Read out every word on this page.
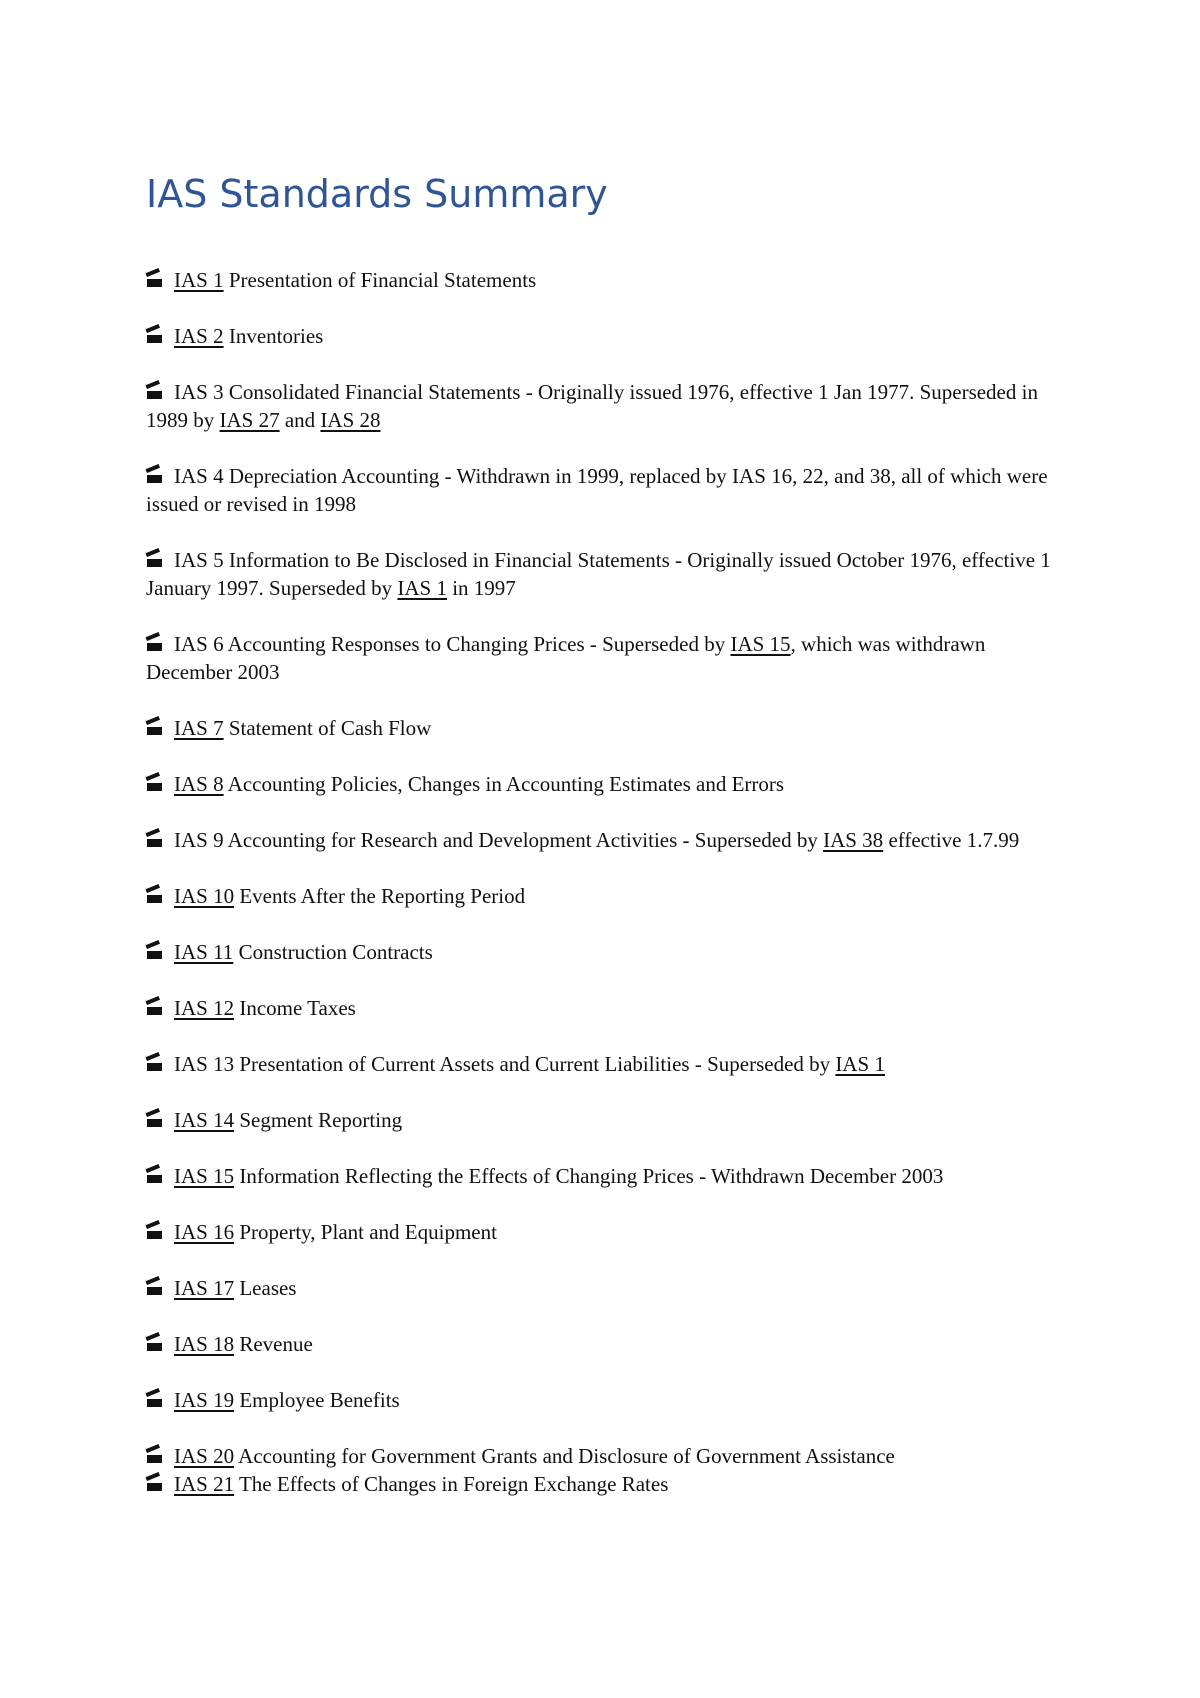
IAS Standards Summary
IAS 1 Presentation of Financial Statements
IAS 2 Inventories
IAS 3 Consolidated Financial Statements - Originally issued 1976, effective 1 Jan 1977. Superseded in 1989 by IAS 27 and IAS 28
IAS 4 Depreciation Accounting - Withdrawn in 1999, replaced by IAS 16, 22, and 38, all of which were issued or revised in 1998
IAS 5 Information to Be Disclosed in Financial Statements - Originally issued October 1976, effective 1 January 1997. Superseded by IAS 1 in 1997
IAS 6 Accounting Responses to Changing Prices - Superseded by IAS 15, which was withdrawn December 2003
IAS 7 Statement of Cash Flow
IAS 8 Accounting Policies, Changes in Accounting Estimates and Errors
IAS 9 Accounting for Research and Development Activities - Superseded by IAS 38 effective 1.7.99
IAS 10 Events After the Reporting Period
IAS 11 Construction Contracts
IAS 12 Income Taxes
IAS 13 Presentation of Current Assets and Current Liabilities - Superseded by IAS 1
IAS 14 Segment Reporting
IAS 15 Information Reflecting the Effects of Changing Prices - Withdrawn December 2003
IAS 16 Property, Plant and Equipment
IAS 17 Leases
IAS 18 Revenue
IAS 19 Employee Benefits
IAS 20 Accounting for Government Grants and Disclosure of Government Assistance
IAS 21 The Effects of Changes in Foreign Exchange Rates
